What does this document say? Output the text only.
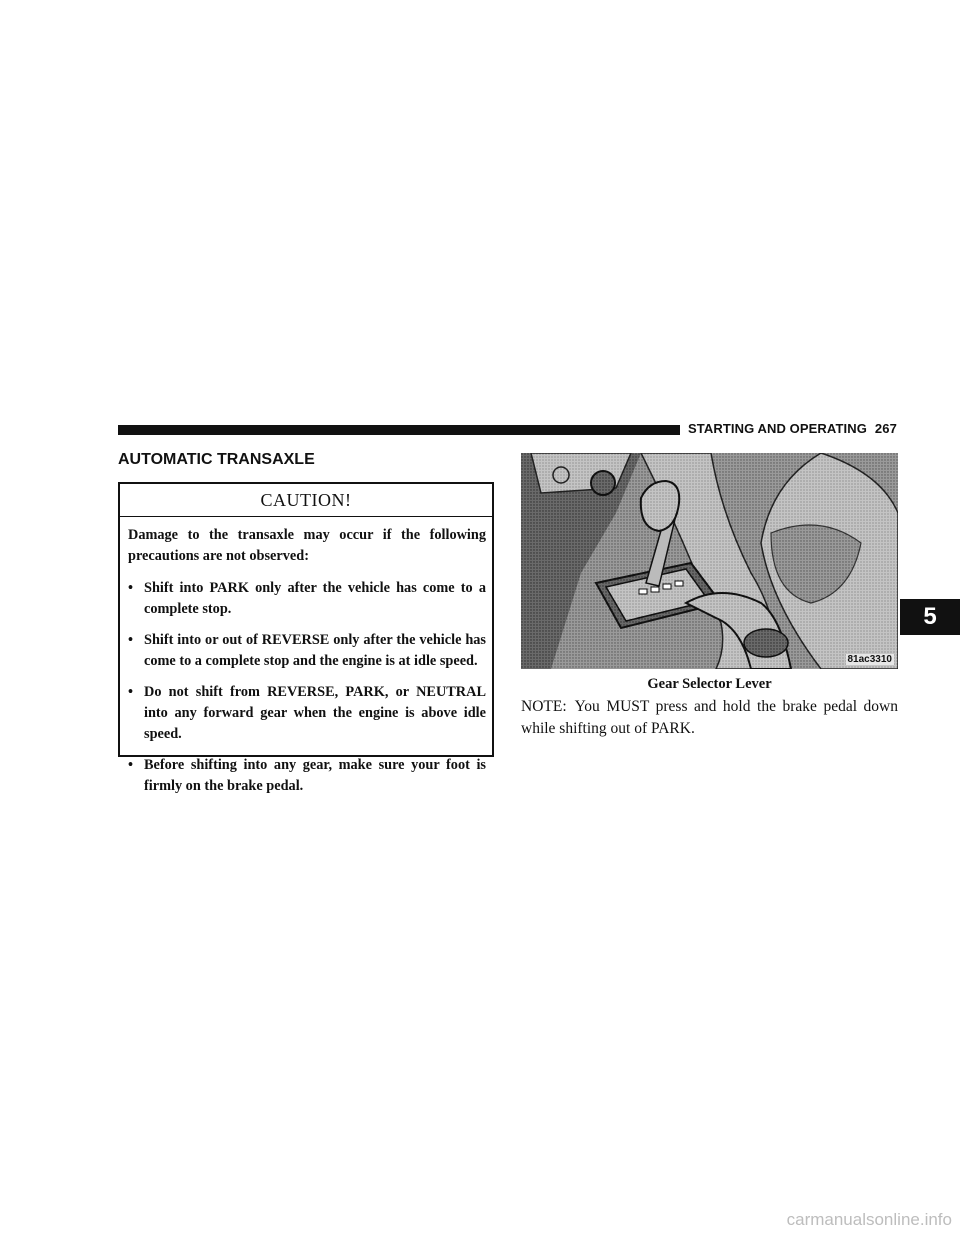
STARTING AND OPERATING 267
AUTOMATIC TRANSAXLE
CAUTION!

Damage to the transaxle may occur if the following precautions are not observed:

• Shift into PARK only after the vehicle has come to a complete stop.
• Shift into or out of REVERSE only after the vehicle has come to a complete stop and the engine is at idle speed.
• Do not shift from REVERSE, PARK, or NEUTRAL into any forward gear when the engine is above idle speed.
• Before shifting into any gear, make sure your foot is firmly on the brake pedal.
81ac3310
Gear Selector Lever
NOTE: You MUST press and hold the brake pedal down while shifting out of PARK.
5
carmanualsonline.info
